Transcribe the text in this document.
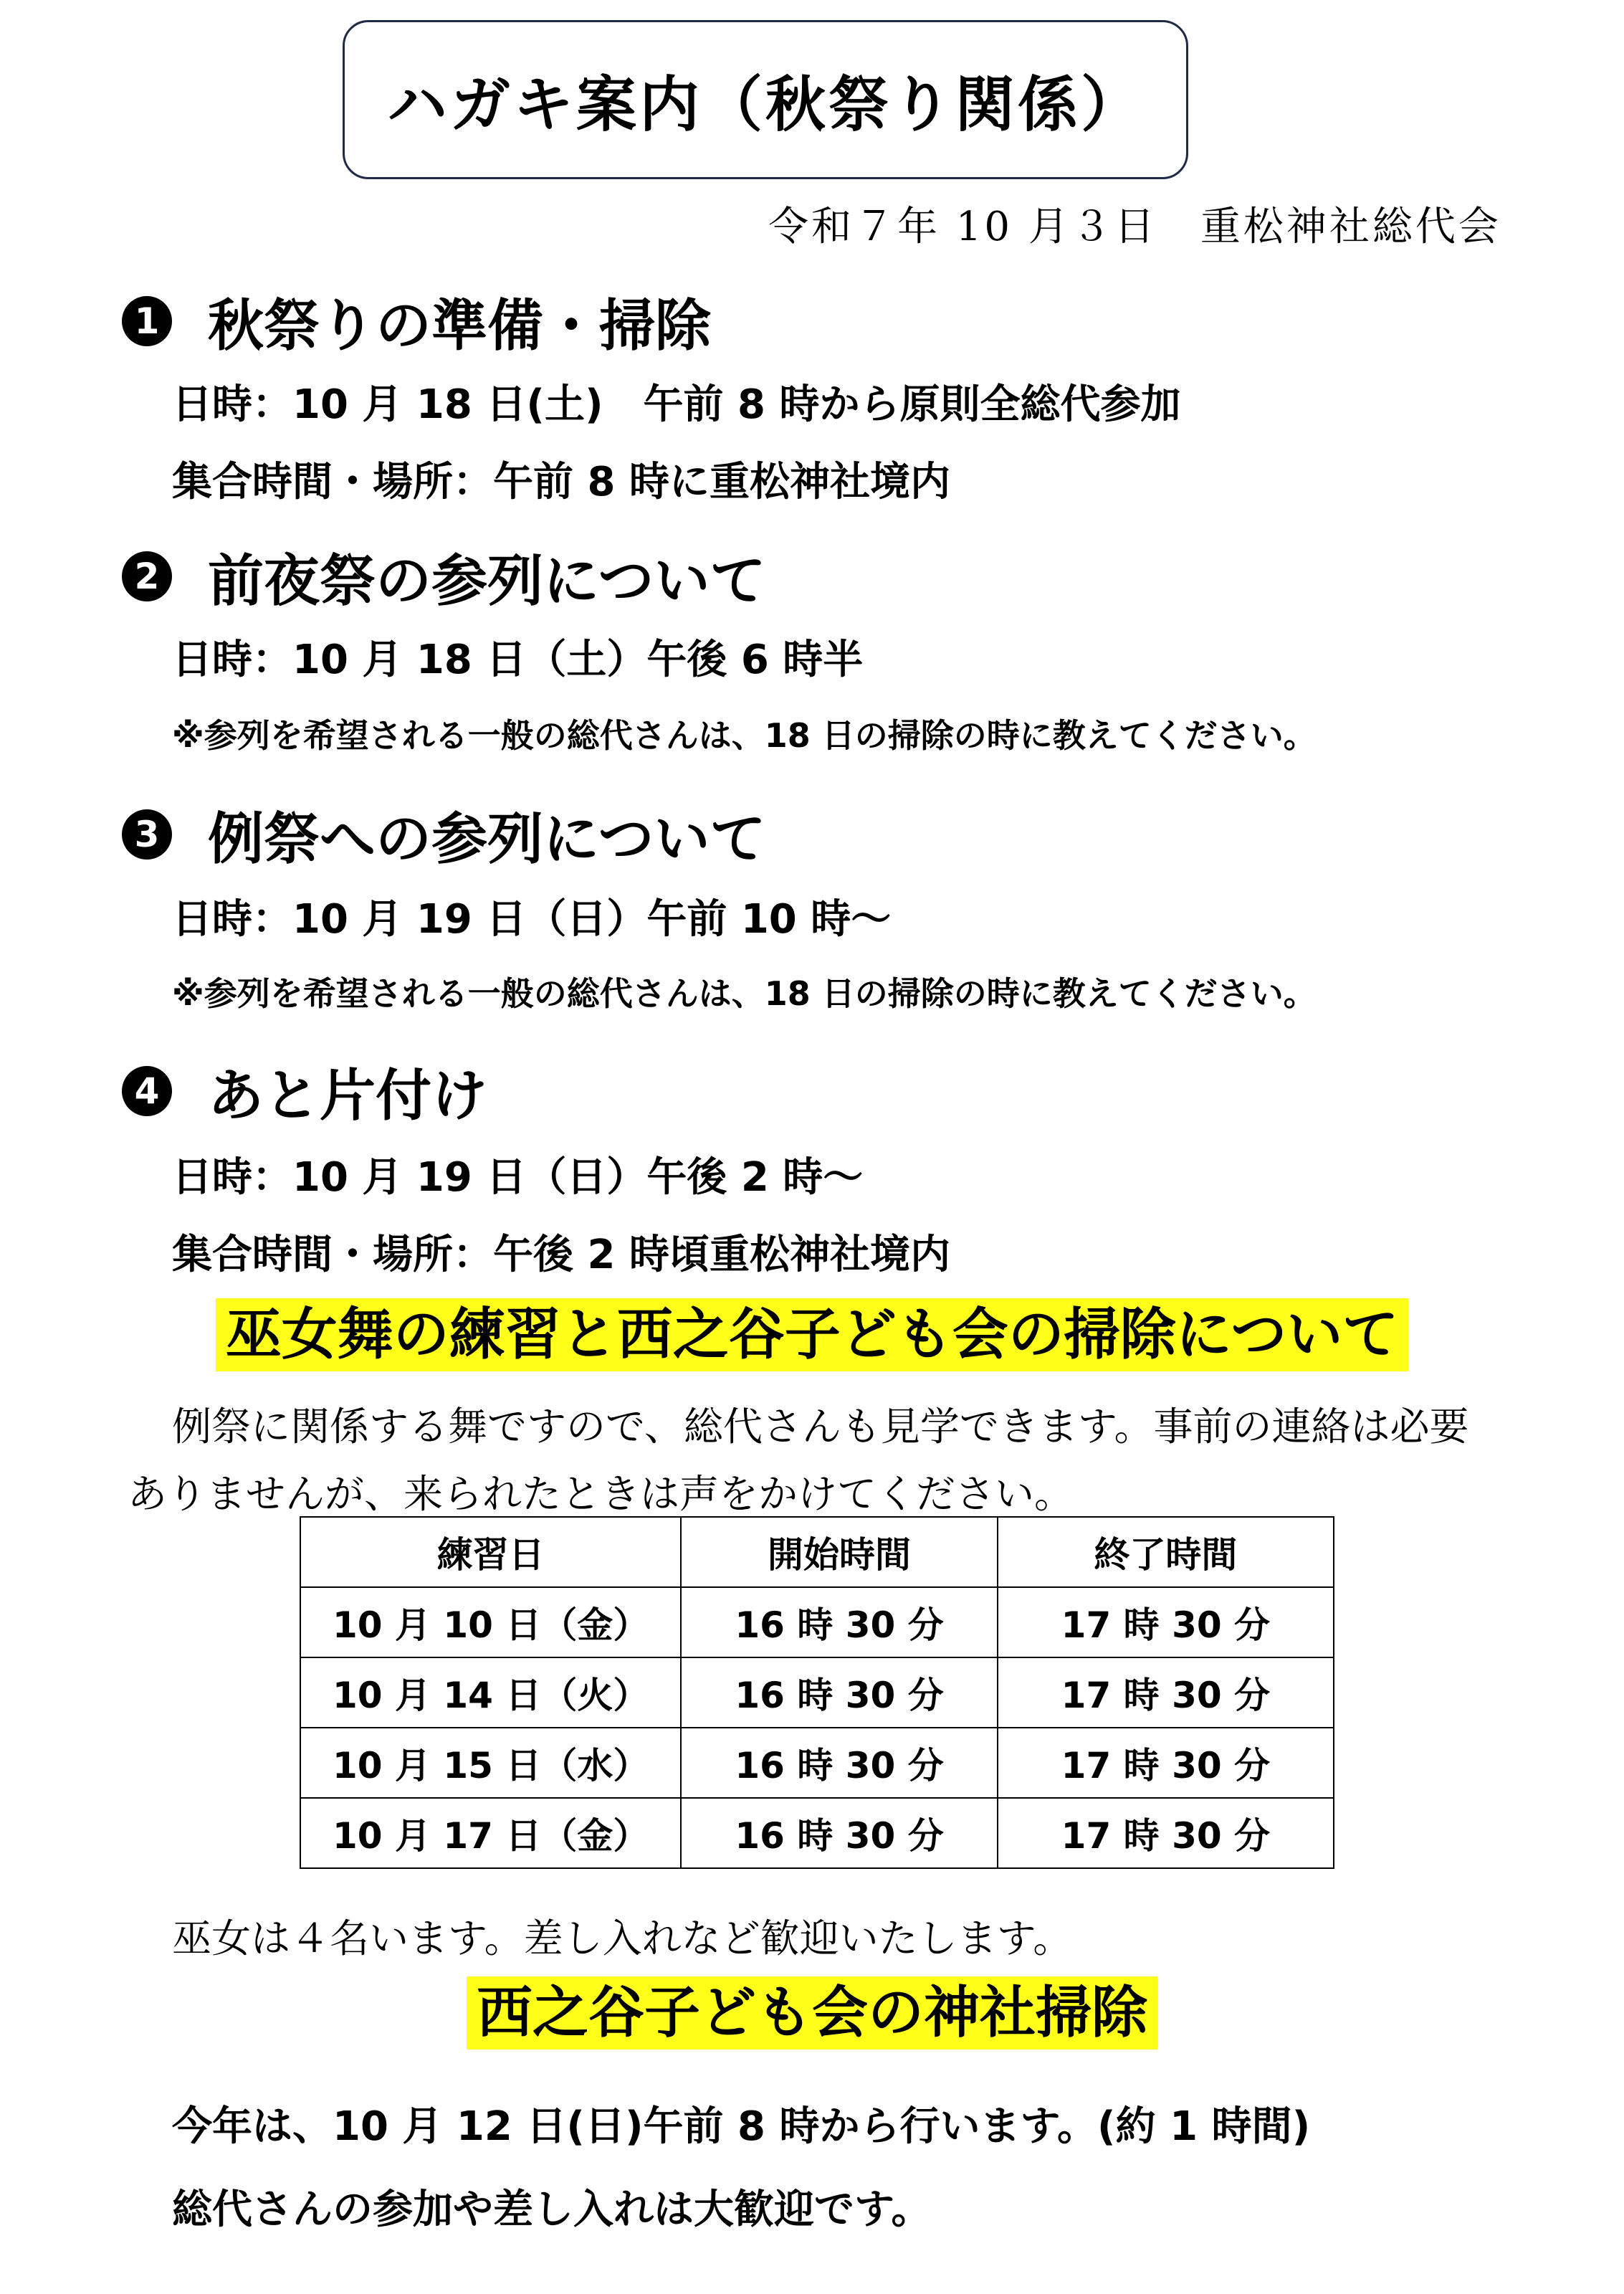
ハガキ案内（秋祭り関係）
令和７年 10 月３日　重松神社総代会
1 秋祭りの準備・掃除
日時：10 月 18 日(土)　午前 8 時から原則全総代参加
集合時間・場所：午前 8 時に重松神社境内
2 前夜祭の参列について
日時：10 月 18 日（土）午後 6 時半
※参列を希望される一般の総代さんは、18 日の掃除の時に教えてください。
3 例祭への参列について
日時：10 月 19 日（日）午前 10 時～
※参列を希望される一般の総代さんは、18 日の掃除の時に教えてください。
4 あと片付け
日時：10 月 19 日（日）午後 2 時～
集合時間・場所：午後 2 時頃重松神社境内
巫女舞の練習と西之谷子ども会の掃除について
例祭に関係する舞ですので、総代さんも見学できます。事前の連絡は必要
ありませんが、来られたときは声をかけてください。
練習日	開始時間	終了時間
10 月 10 日（金）	16 時 30 分	17 時 30 分
10 月 14 日（火）	16 時 30 分	17 時 30 分
10 月 15 日（水）	16 時 30 分	17 時 30 分
10 月 17 日（金）	16 時 30 分	17 時 30 分
巫女は４名います。差し入れなど歓迎いたします。
西之谷子ども会の神社掃除
今年は、10 月 12 日(日)午前 8 時から行います。(約 1 時間)
総代さんの参加や差し入れは大歓迎です。
